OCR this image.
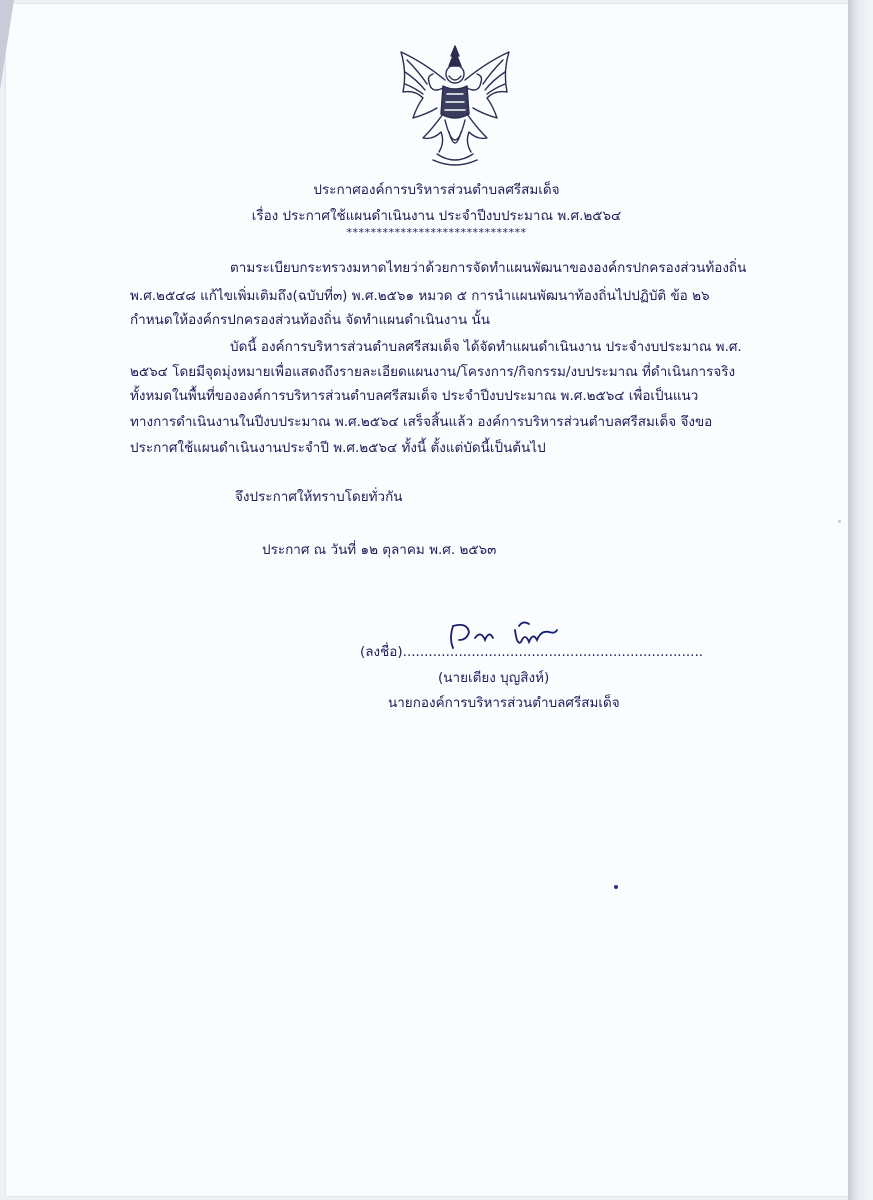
ประกาศองค์การบริหารส่วนตำบลศรีสมเด็จ
เรื่อง ประกาศใช้แผนดำเนินงาน ประจำปีงบประมาณ พ.ศ.๒๕๖๔
******************************
ตามระเบียบกระทรวงมหาดไทยว่าด้วยการจัดทำแผนพัฒนาขององค์กรปกครองส่วนท้องถิ่น
พ.ศ.๒๕๔๘ แก้ไขเพิ่มเติมถึง(ฉบับที่๓) พ.ศ.๒๕๖๑ หมวด ๕ การนำแผนพัฒนาท้องถิ่นไปปฏิบัติ ข้อ ๒๖
กำหนดให้องค์กรปกครองส่วนท้องถิ่น จัดทำแผนดำเนินงาน นั้น
บัดนี้ องค์การบริหารส่วนตำบลศรีสมเด็จ ได้จัดทำแผนดำเนินงาน ประจำงบประมาณ พ.ศ.
๒๕๖๔ โดยมีจุดมุ่งหมายเพื่อแสดงถึงรายละเอียดแผนงาน/โครงการ/กิจกรรม/งบประมาณ ที่ดำเนินการจริง
ทั้งหมดในพื้นที่ขององค์การบริหารส่วนตำบลศรีสมเด็จ ประจำปีงบประมาณ พ.ศ.๒๕๖๔ เพื่อเป็นแนว
ทางการดำเนินงานในปีงบประมาณ พ.ศ.๒๕๖๔ เสร็จสิ้นแล้ว องค์การบริหารส่วนตำบลศรีสมเด็จ จึงขอ
ประกาศใช้แผนดำเนินงานประจำปี พ.ศ.๒๕๖๔ ทั้งนี้ ตั้งแต่บัดนี้เป็นต้นไป
จึงประกาศให้ทราบโดยทั่วกัน
ประกาศ ณ วันที่ ๑๒ ตุลาคม พ.ศ. ๒๕๖๓
(ลงชื่อ)......................................................................
(นายเตียง บุญสิงห์)
นายกองค์การบริหารส่วนตำบลศรีสมเด็จ
